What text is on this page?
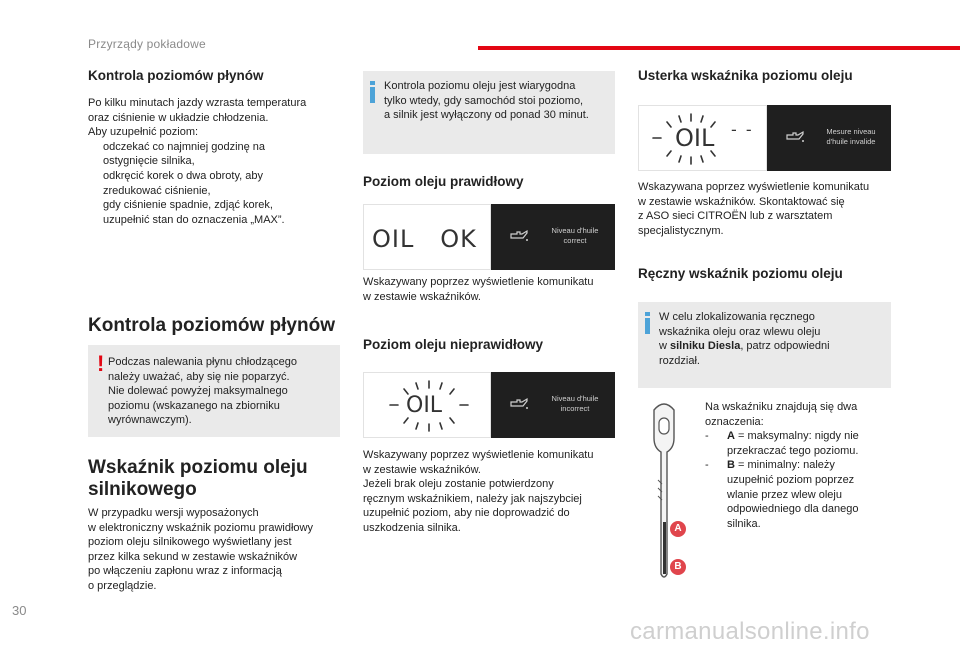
Przyrządy pokładowe
Kontrola poziomów płynów

Po kilku minutach jazdy wzrasta temperatura

oraz ciśnienie w układzie chłodzenia.

Aby uzupełnić poziom:

odczekać co najmniej godzinę na

ostygnięcie silnika,

odkręcić korek o dwa obroty, aby

zredukować ciśnienie,

gdy ciśnienie spadnie, zdjąć korek,

uzupełnić stan do oznaczenia „MAX”.

Kontrola poziomów płynów
! Podczas nalewania płynu chłodzącego

należy uważać, aby się nie poparzyć.

Nie dolewać powyżej maksymalnego

poziomu (wskazanego na zbiorniku

wyrównawczym).

Wskaźnik poziomu oleju
silnikowego

W przypadku wersji wyposażonych

w elektroniczny wskaźnik poziomu prawidłowy

poziom oleju silnikowego wyświetlany jest

przez kilka sekund w zestawie wskaźników

po włączeniu zapłonu wraz z informacją

o przeglądzie.

Kontrola poziomu oleju jest wiarygodna

tylko wtedy, gdy samochód stoi poziomo,

a silnik jest wyłączony od ponad 30 minut.

Poziom oleju prawidłowy
OIL   OK	Niveau d'huile
correct

Wskazywany poprzez wyświetlenie komunikatu

w zestawie wskaźników.

Poziom oleju nieprawidłowy
OIL	Niveau d'huile
incorrect

Wskazywany poprzez wyświetlenie komunikatu

w zestawie wskaźników.

Jeżeli brak oleju zostanie potwierdzony

ręcznym wskaźnikiem, należy jak najszybciej

uzupełnić poziom, aby nie doprowadzić do

uszkodzenia silnika.

Usterka wskaźnika poziomu oleju
OIL - -	Mesure niveau
d'huile invalide

Wskazywana poprzez wyświetlenie komunikatu

w zestawie wskaźników. Skontaktować się

z ASO sieci CITROËN lub z warsztatem

specjalistycznym.

Ręczny wskaźnik poziomu oleju

W celu zlokalizowania ręcznego

wskaźnika oleju oraz wlewu oleju

w silniku Diesla, patrz odpowiedni

rozdział.

A
B

Na wskaźniku znajdują się dwa

oznaczenia:

- A = maksymalny: nigdy nie

przekraczać tego poziomu.

- B = minimalny: należy

uzupełnić poziom poprzez

wlanie przez wlew oleju

odpowiedniego dla danego

silnika.

30
carmanualsonline.info
